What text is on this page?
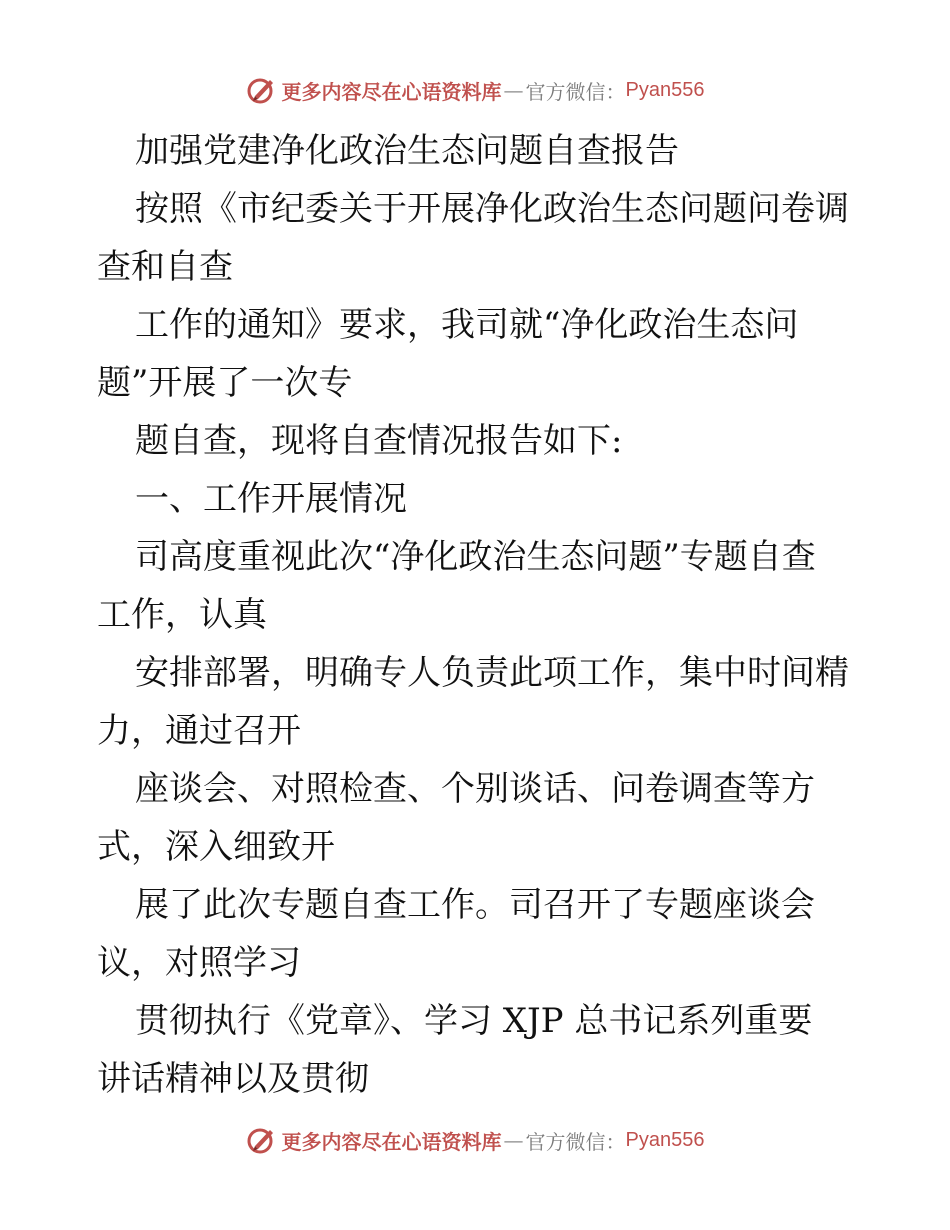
更多内容尽在心语资料库 — 官方微信： Pyan556

加强党建净化政治生态问题自查报告

按照《市纪委关于开展净化政治生态问题问卷调

查和自查

工作的通知》要求，我司就“净化政治生态问

题”开展了一次专

题自查，现将自查情况报告如下:

一、工作开展情况

司高度重视此次“净化政治生态问题”专题自查

工作，认真

安排部署，明确专人负责此项工作，集中时间精

力，通过召开

座谈会、对照检查、个别谈话、问卷调查等方

式，深入细致开

展了此次专题自查工作。司召开了专题座谈会

议，对照学习

贯彻执行《党章》、学习 XJP 总书记系列重要

讲话精神以及贯彻

更多内容尽在心语资料库 — 官方微信： Pyan556
